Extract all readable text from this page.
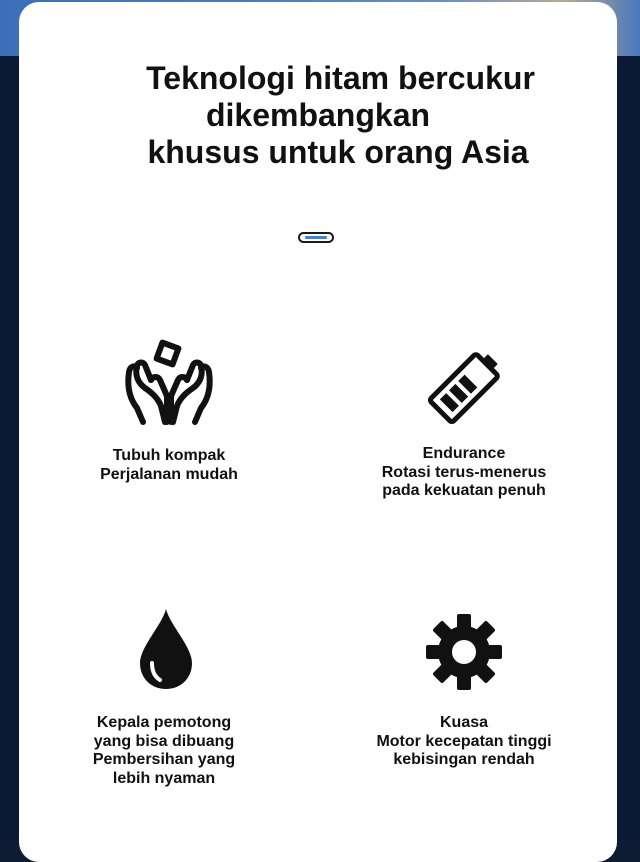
Teknologi hitam bercukur
dikembangkan
khusus untuk orang Asia
Tubuh kompak
Perjalanan mudah
Endurance
Rotasi terus-menerus
pada kekuatan penuh
Kepala pemotong
yang bisa dibuang
Pembersihan yang
lebih nyaman
Kuasa
Motor kecepatan tinggi
kebisingan rendah
